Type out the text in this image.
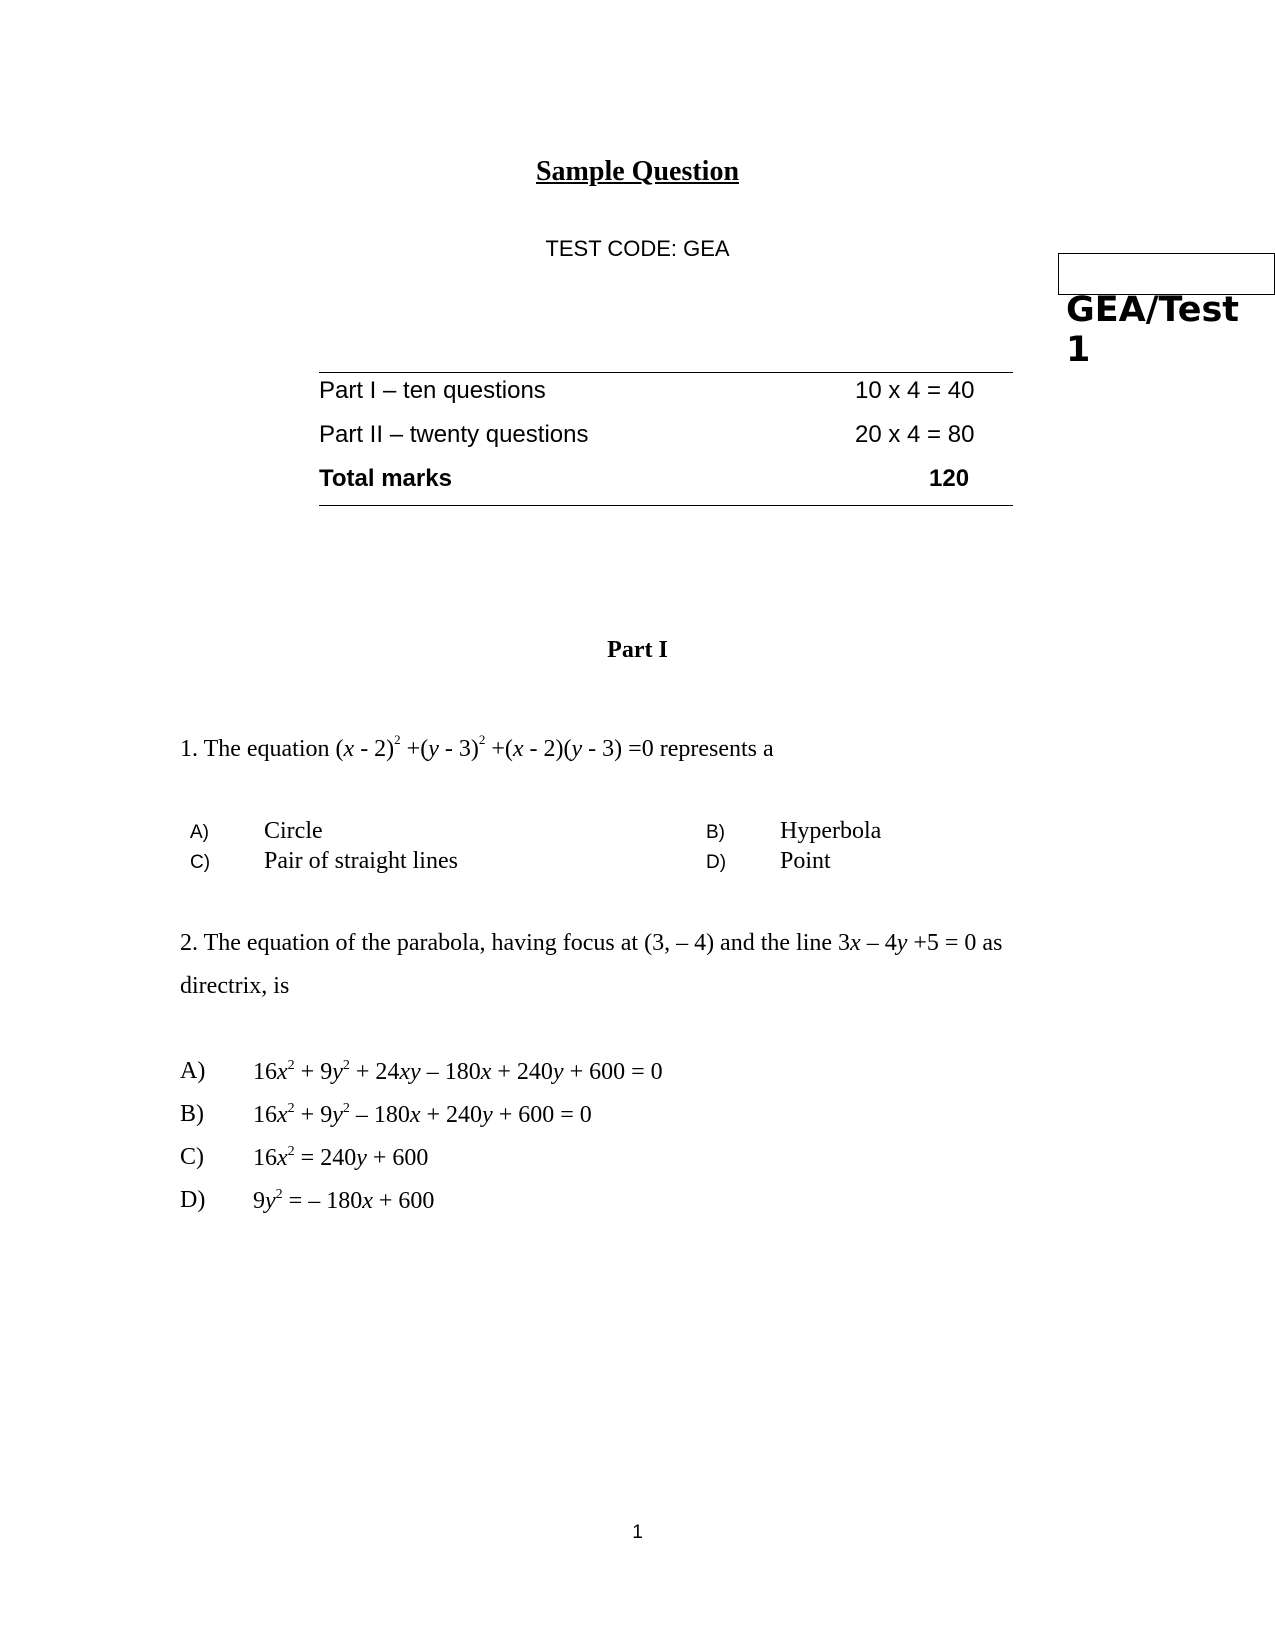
Sample Question
TEST CODE: GEA
GEA/Test 1
Part I – ten questions	10 x 4 = 40
Part II – twenty questions	20 x 4 = 80
Total marks	120
Part I
1. The equation (x - 2)$^2$ +(y - 3)$^2$ +(x - 2)(y - 3) =0 represents a
A) Circle	B) Hyperbola
C) Pair of straight lines	D) Point
2. The equation of the parabola, having focus at (3, – 4) and the line 3x – 4y +5 = 0 as
directrix, is
A) $16x^2 + 9y^2 + 24xy - 180x + 240y + 600 = 0$
B) $16x^2 + 9y^2 - 180x + 240y + 600 = 0$
C) $16x^2 = 240y + 600$
D) $9y^2$ = – 180x + 600
1
